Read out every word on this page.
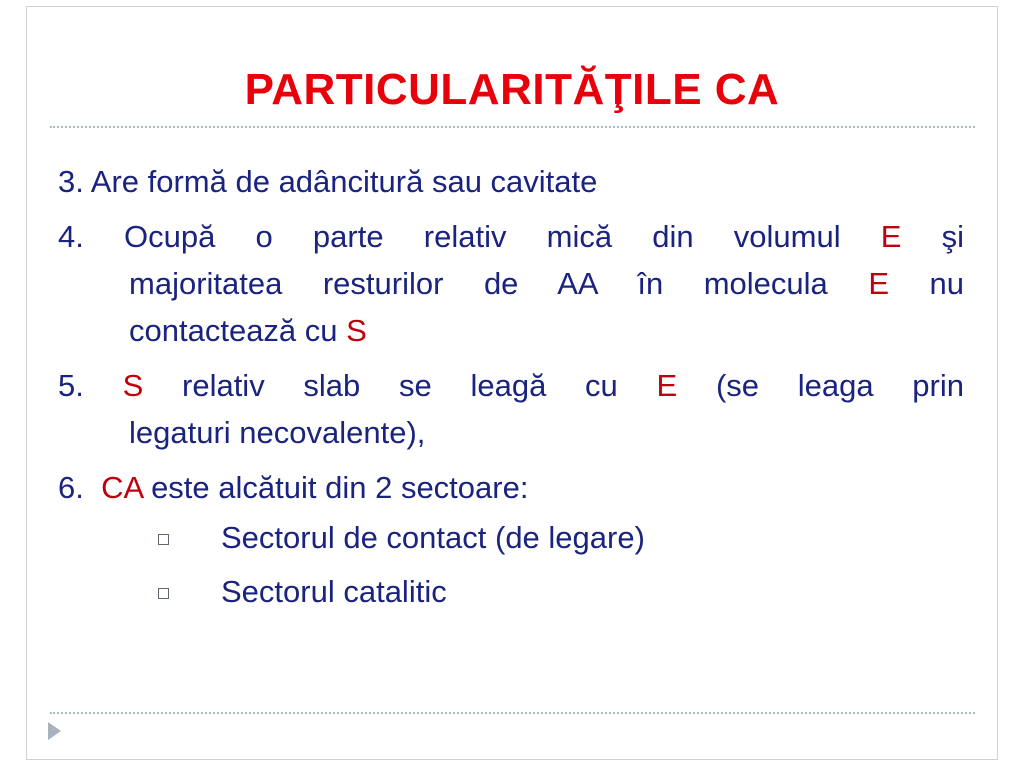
PARTICULARITĂŢILE CA
3. Are formă de adâncitură sau cavitate
4. Ocupă o parte relativ mică din volumul E şi
majoritatea resturilor de AA în molecula E nu
contactează cu S
5. S relativ slab se leagă cu E (se leaga prin
legaturi necovalente),
6. CA este alcătuit din 2 sectoare:
Sectorul de contact (de legare)
Sectorul catalitic
